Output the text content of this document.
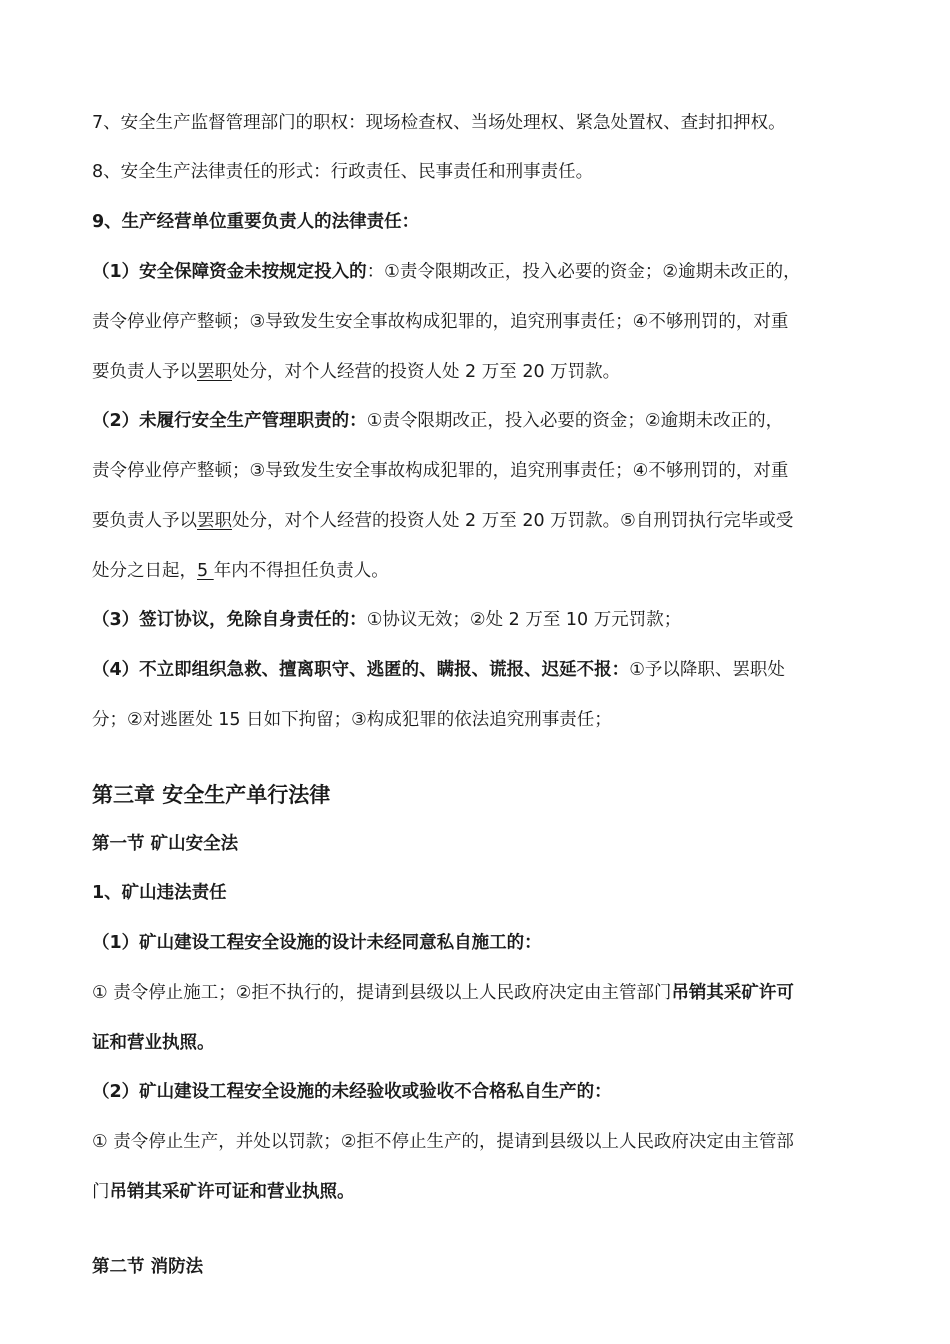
7、安全生产监督管理部门的职权：现场检查权、当场处理权、紧急处置权、查封扣押权。
8、安全生产法律责任的形式：行政责任、民事责任和刑事责任。
9、生产经营单位重要负责人的法律责任：
（1）安全保障资金未按规定投入的：①责令限期改正，投入必要的资金；②逾期未改正的，
责令停业停产整顿；③导致发生安全事故构成犯罪的，追究刑事责任；④不够刑罚的，对重
要负责人予以罢职处分，对个人经营的投资人处 2 万至 20 万罚款。
（2）未履行安全生产管理职责的：①责令限期改正，投入必要的资金；②逾期未改正的，
责令停业停产整顿；③导致发生安全事故构成犯罪的，追究刑事责任；④不够刑罚的，对重
要负责人予以罢职处分，对个人经营的投资人处 2 万至 20 万罚款。⑤自刑罚执行完毕或受
处分之日起，5 年内不得担任负责人。
（3）签订协议，免除自身责任的：①协议无效；②处 2 万至 10 万元罚款；
（4）不立即组织急救、擅离职守、逃匿的、瞒报、谎报、迟延不报：①予以降职、罢职处
分；②对逃匿处 15 日如下拘留；③构成犯罪的依法追究刑事责任；
第三章 安全生产单行法律
第一节 矿山安全法
1、矿山违法责任
（1）矿山建设工程安全设施的设计未经同意私自施工的：
① 责令停止施工；②拒不执行的，提请到县级以上人民政府决定由主管部门吊销其采矿许可
证和营业执照。
（2）矿山建设工程安全设施的未经验收或验收不合格私自生产的：
① 责令停止生产，并处以罚款；②拒不停止生产的，提请到县级以上人民政府决定由主管部
门吊销其采矿许可证和营业执照。
第二节 消防法
